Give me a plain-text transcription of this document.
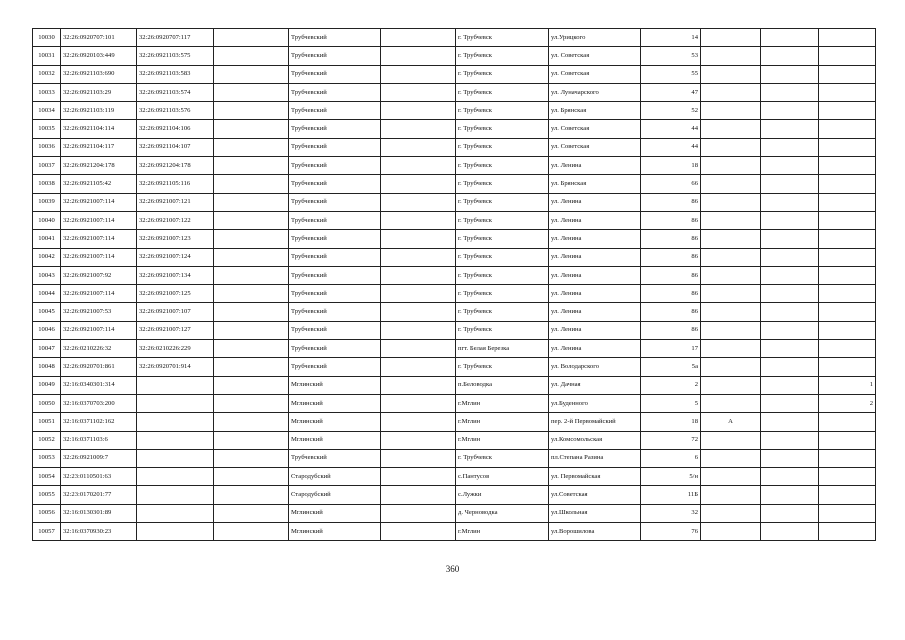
10030	32:26:0920707:101	32:26:0920707:117		Трубчевский		г. Трубчевск	ул.Урицкого	14			
10031	32:26:0920103:449	32:26:0921103:575		Трубчевский		г. Трубчевск	ул. Советская	53			
10032	32:26:0921103:690	32:26:0921103:583		Трубчевский		г. Трубчевск	ул. Советская	55			
10033	32:26:0921103:29	32:26:0921103:574		Трубчевский		г. Трубчевск	ул. Луначарского	47			
10034	32:26:0921103:119	32:26:0921103:576		Трубчевский		г. Трубчевск	ул. Брянская	52			
10035	32:26:0921104:114	32:26:0921104:106		Трубчевский		г. Трубчевск	ул. Советская	44			
10036	32:26:0921104:117	32:26:0921104:107		Трубчевский		г. Трубчевск	ул. Советская	44			
10037	32:26:0921204:178	32:26:0921204:178		Трубчевский		г. Трубчевск	ул. Ленина	18			
10038	32:26:0921105:42	32:26:0921105:116		Трубчевский		г. Трубчевск	ул. Брянская	66			
10039	32:26:0921007:114	32:26:0921007:121		Трубчевский		г. Трубчевск	ул. Ленина	86			
10040	32:26:0921007:114	32:26:0921007:122		Трубчевский		г. Трубчевск	ул. Ленина	86			
10041	32:26:0921007:114	32:26:0921007:123		Трубчевский		г. Трубчевск	ул. Ленина	86			
10042	32:26:0921007:114	32:26:0921007:124		Трубчевский		г. Трубчевск	ул. Ленина	86			
10043	32:26:0921007:92	32:26:0921007:134		Трубчевский		г. Трубчевск	ул. Ленина	86			
10044	32:26:0921007:114	32:26:0921007:125		Трубчевский		г. Трубчевск	ул. Ленина	86			
10045	32:26:0921007:53	32:26:0921007:107		Трубчевский		г. Трубчевск	ул. Ленина	86			
10046	32:26:0921007:114	32:26:0921007:127		Трубчевский		г. Трубчевск	ул. Ленина	86			
10047	32:26:0210226:32	32:26:0210226:229		Трубчевский		пгт. Белая Березка	ул. Ленина	17			
10048	32:26:0920701:861	32:26:0920701:914		Трубчевский		г. Трубчевск	ул. Володарского	5а			
10049	32:16:0340301:314			Мглинский		п.Беловодка	ул. Дачная	2			1
10050	32:16:0370703:200			Мглинский		г.Мглин	ул.Буденного	5			2
10051	32:16:0371102:162			Мглинский		г.Мглин	пер. 2-й Первомайский	18	А		
10052	32:16:0371103:6			Мглинский		г.Мглин	ул.Комсомольская	72			
10053	32:26:0921009:7			Трубчевский		г. Трубчевск	пл.Степана Разина	6			
10054	32:23:0110501:63			Стародубский		с.Пантусов	ул. Первомайская	5/н			
10055	32:23:0170201:77			Стародубский		с.Лужки	ул.Советская	11Б			
10056	32:16:0130301:89			Мглинский		д. Черноводка	ул.Школьная	32			
10057	32:16:0370930:23			Мглинский		г.Мглин	ул.Ворошилова	76			
360
